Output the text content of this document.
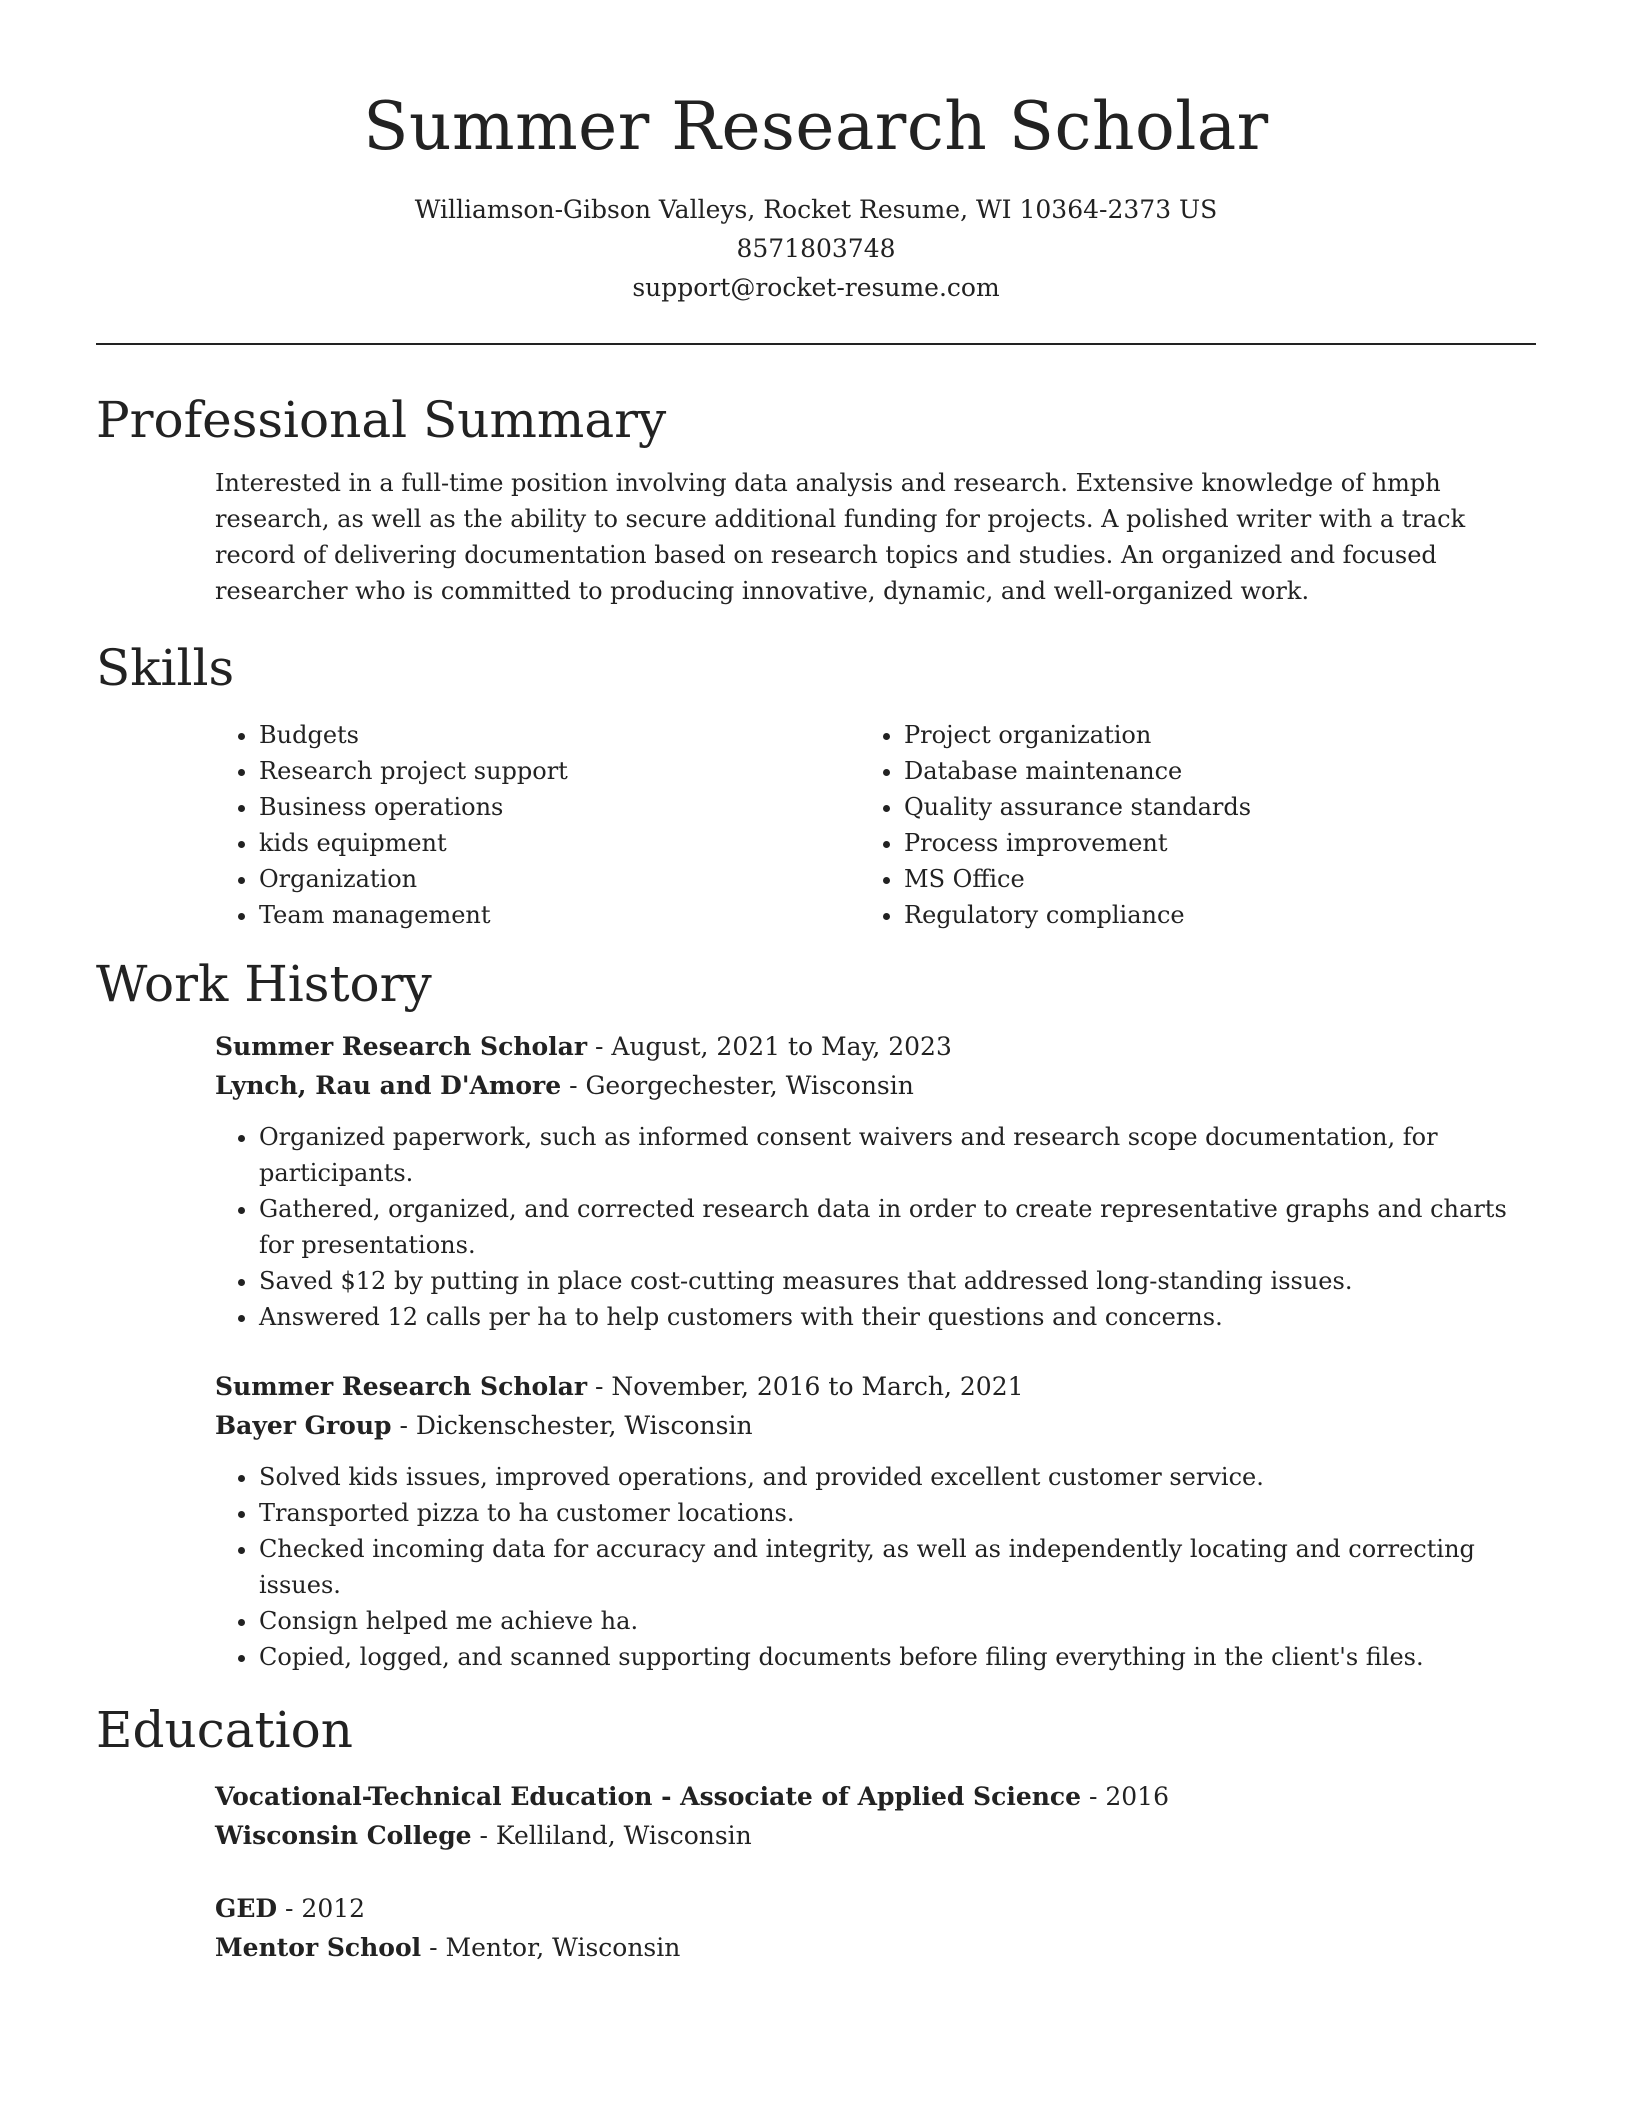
Summer Research Scholar
Williamson-Gibson Valleys, Rocket Resume, WI 10364-2373 US
8571803748
support@rocket-resume.com
Professional Summary

Interested in a full-time position involving data analysis and research. Extensive knowledge of hmph research, as well as the ability to secure additional funding for projects. A polished writer with a track record of delivering documentation based on research topics and studies. An organized and focused researcher who is committed to producing innovative, dynamic, and well-organized work.

Skills
• Budgets
• Research project support
• Business operations
• kids equipment
• Organization
• Team management
• Project organization
• Database maintenance
• Quality assurance standards
• Process improvement
• MS Office
• Regulatory compliance
Work History
Summer Research Scholar - August, 2021 to May, 2023
Lynch, Rau and D'Amore - Georgechester, Wisconsin
• Organized paperwork, such as informed consent waivers and research scope documentation, for participants.
• Gathered, organized, and corrected research data in order to create representative graphs and charts for presentations.
• Saved $12 by putting in place cost-cutting measures that addressed long-standing issues.
• Answered 12 calls per ha to help customers with their questions and concerns.
Summer Research Scholar - November, 2016 to March, 2021
Bayer Group - Dickenschester, Wisconsin
• Solved kids issues, improved operations, and provided excellent customer service.
• Transported pizza to ha customer locations.
• Checked incoming data for accuracy and integrity, as well as independently locating and correcting issues.
• Consign helped me achieve ha.
• Copied, logged, and scanned supporting documents before filing everything in the client's files.
Education
Vocational-Technical Education - Associate of Applied Science - 2016
Wisconsin College - Kelliland, Wisconsin
GED - 2012
Mentor School - Mentor, Wisconsin
